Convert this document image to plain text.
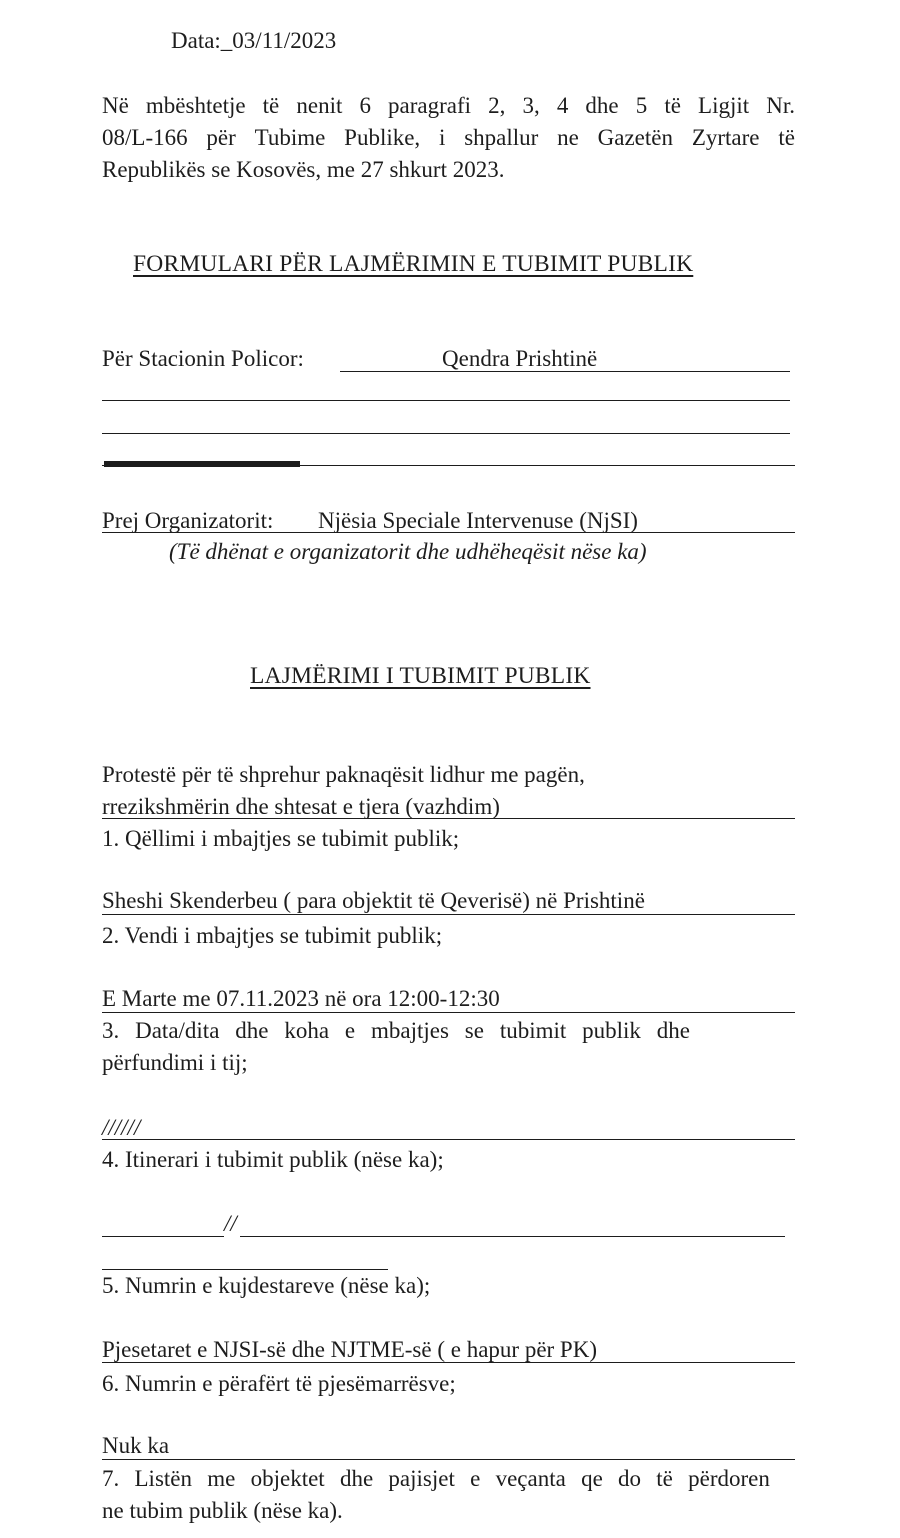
Data:_03/11/2023
Në mbështetje të nenit 6 paragrafi 2, 3, 4 dhe 5 të Ligjit Nr.
08/L-166 për Tubime Publike, i shpallur ne Gazetën Zyrtare të
Republikës se Kosovës, me 27 shkurt 2023.
FORMULARI PËR LAJMËRIMIN E TUBIMIT PUBLIK
Për Stacionin Policor:	Qendra Prishtinë
Prej Organizatorit: Njësia Speciale Intervenuse (NjSI)
(Të dhënat e organizatorit dhe udhëheqësit nëse ka)
LAJMËRIMI I TUBIMIT PUBLIK
Protestë për të shprehur paknaqësit lidhur me pagën,
rrezikshmërin dhe shtesat e tjera (vazhdim)
1. Qëllimi i mbajtjes se tubimit publik;
Sheshi Skenderbeu ( para objektit të Qeverisë) në Prishtinë
2. Vendi i mbajtjes se tubimit publik;
E Marte me 07.11.2023 në ora 12:00-12:30
3. Data/dita dhe koha e mbajtjes se tubimit publik dhe
përfundimi i tij;
//////
4. Itinerari i tubimit publik (nëse ka);
//
5. Numrin e kujdestareve (nëse ka);
Pjesetaret e NJSI-së dhe NJTME-së ( e hapur për PK)
6. Numrin e përafërt të pjesëmarrësve;
Nuk ka
7. Listën me objektet dhe pajisjet e veçanta qe do të përdoren
ne tubim publik (nëse ka).
